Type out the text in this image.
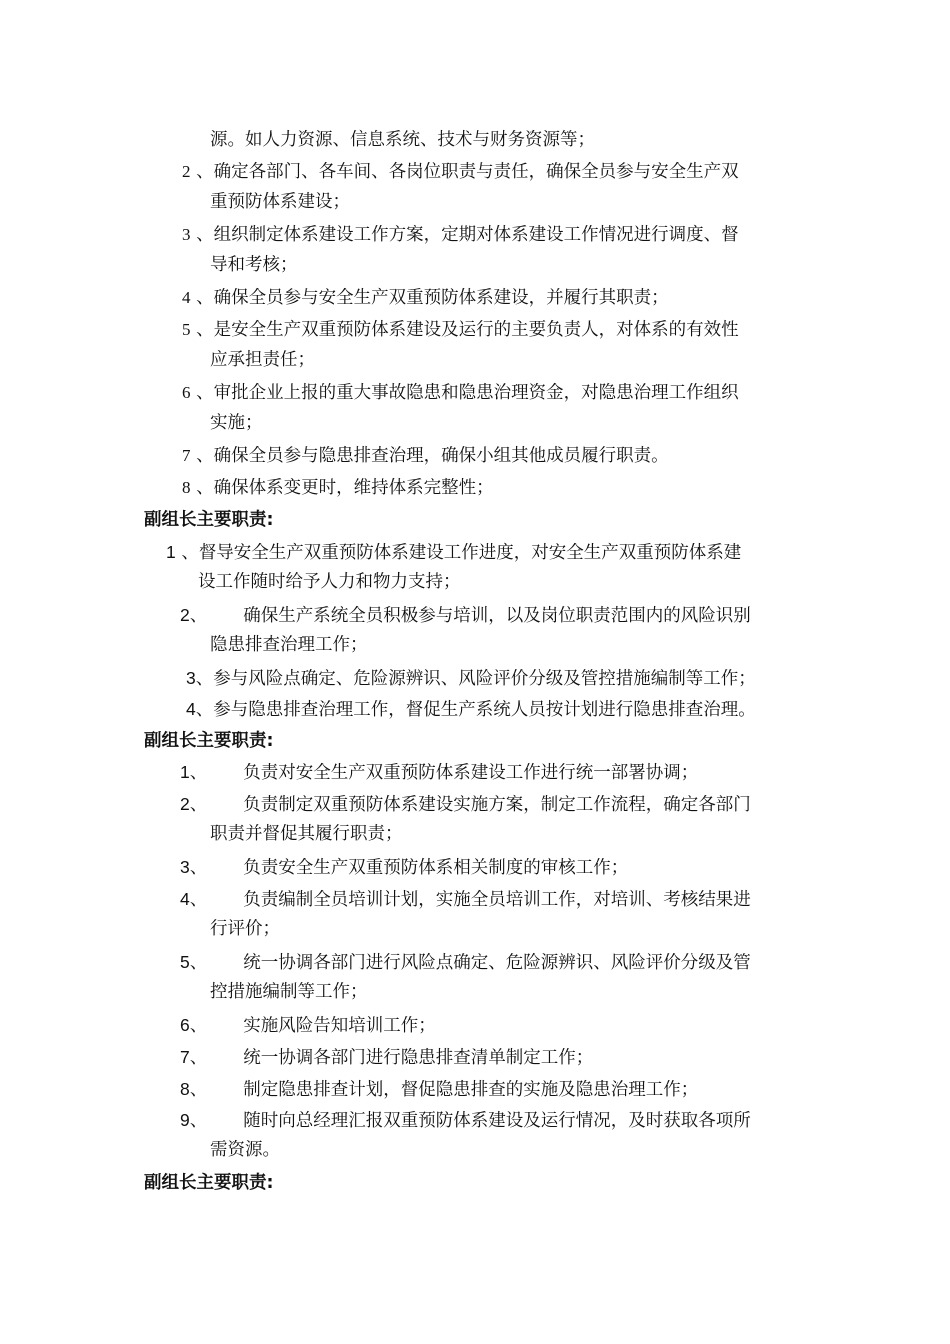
源。如人力资源、信息系统、技术与财务资源等；
2 、确定各部门、各车间、各岗位职责与责任，确保全员参与安全生产双
重预防体系建设；
3 、组织制定体系建设工作方案，定期对体系建设工作情况进行调度、督
导和考核；
4 、确保全员参与安全生产双重预防体系建设，并履行其职责；
5 、是安全生产双重预防体系建设及运行的主要负责人，对体系的有效性
应承担责任；
6 、审批企业上报的重大事故隐患和隐患治理资金，对隐患治理工作组织
实施；
7 、确保全员参与隐患排查治理，确保小组其他成员履行职责。
8 、确保体系变更时，维持体系完整性；
副组长主要职责:
1 、督导安全生产双重预防体系建设工作进度，对安全生产双重预防体系建
设工作随时给予人力和物力支持；
2、 确保生产系统全员积极参与培训，以及岗位职责范围内的风险识别
隐患排查治理工作；
3、参与风险点确定、危险源辨识、风险评价分级及管控措施编制等工作；
4、参与隐患排查治理工作，督促生产系统人员按计划进行隐患排查治理。
副组长主要职责:
1、 负责对安全生产双重预防体系建设工作进行统一部署协调；
2、 负责制定双重预防体系建设实施方案，制定工作流程，确定各部门
职责并督促其履行职责；
3、 负责安全生产双重预防体系相关制度的审核工作；
4、 负责编制全员培训计划，实施全员培训工作，对培训、考核结果进
行评价；
5、 统一协调各部门进行风险点确定、危险源辨识、风险评价分级及管
控措施编制等工作；
6、 实施风险告知培训工作；
7、 统一协调各部门进行隐患排查清单制定工作；
8、 制定隐患排查计划，督促隐患排查的实施及隐患治理工作；
9、 随时向总经理汇报双重预防体系建设及运行情况，及时获取各项所
需资源。
副组长主要职责:
